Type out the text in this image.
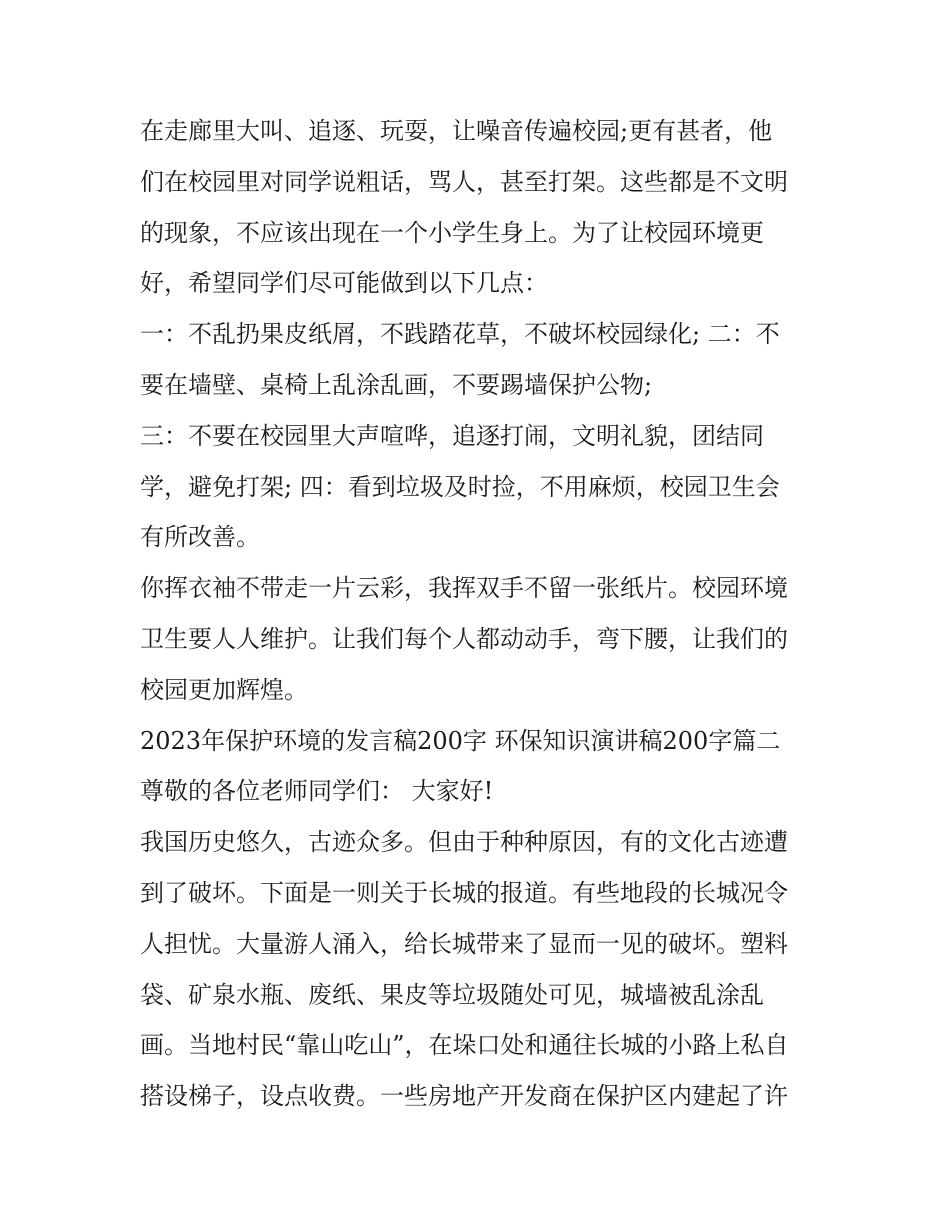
在走廊里大叫、追逐、玩耍，让噪音传遍校园;更有甚者，他
们在校园里对同学说粗话，骂人，甚至打架。这些都是不文明
的现象，不应该出现在一个小学生身上。为了让校园环境更
好，希望同学们尽可能做到以下几点：
一：不乱扔果皮纸屑，不践踏花草，不破坏校园绿化; 二：不
要在墙壁、桌椅上乱涂乱画，不要踢墙保护公物;
三：不要在校园里大声喧哗，追逐打闹，文明礼貌，团结同
学，避免打架; 四：看到垃圾及时捡，不用麻烦，校园卫生会
有所改善。
你挥衣袖不带走一片云彩，我挥双手不留一张纸片。校园环境
卫生要人人维护。让我们每个人都动动手，弯下腰，让我们的
校园更加辉煌。
2023年保护环境的发言稿200字 环保知识演讲稿200字篇二
尊敬的各位老师同学们： 大家好!
我国历史悠久，古迹众多。但由于种种原因，有的文化古迹遭
到了破坏。下面是一则关于长城的报道。有些地段的长城况令
人担忧。大量游人涌入，给长城带来了显而一见的破坏。塑料
袋、矿泉水瓶、废纸、果皮等垃圾随处可见，城墙被乱涂乱
画。当地村民“靠山吃山”，在垛口处和通往长城的小路上私自
搭设梯子，设点收费。一些房地产开发商在保护区内建起了许
